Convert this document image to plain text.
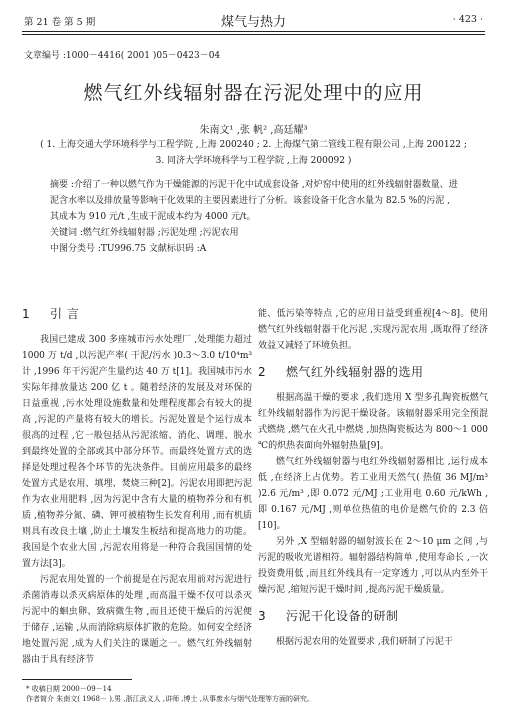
第 21 卷 第 5 期	煤气与热力	· 423 ·
文章编号 :1000－4416( 2001 )05－0423－04
燃气红外线辐射器在污泥处理中的应用
朱南文¹ ,张 帆² ,高廷耀³
( 1. 上海交通大学环境科学与工程学院 ,上海 200240 ; 2. 上海煤气第二管线工程有限公司 ,上海 200122 ;
3. 同济大学环境科学与工程学院 ,上海 200092 )

摘要 :介绍了一种以燃气作为干燥能源的污泥干化中试成套设备 ,对炉窑中使用的红外线辐射器数量、进泥含水率以及排放量等影响干化效果的主要因素进行了分析。该套设备干化含水量为 82.5 %的污泥 ,其成本为 910 元/t ,生成干泥成本约为 4000 元/t。

关键词 :燃气红外线辐射器 ;污泥处理 ;污泥农用

中图分类号 :TU996.75 文献标识码 :A

1 引 言

我国已建成 300 多座城市污水处理厂 ,处理能力超过 1000 万 t/d ,以污泥产率( 干泥/污水 )0.3～3.0 t/10⁴m³ 计 ,1996 年干污泥产生量约达 40 万 t[1]。我国城市污水实际年排放量达 200 亿 t 。随着经济的发展及对环保的日益重视 ,污水处理设施数量和处理程度都会有较大的提高 ,污泥的产量将有较大的增长。污泥处置是个运行成本很高的过程 ,它一般包括从污泥浓缩、消化、调理、脱水到最终处置的全部或其中部分环节。而最终处置方式的选择是处理过程各个环节的先决条件。目前应用最多的最终处置方式是农用、填埋、焚烧三种[2]。污泥农用即把污泥作为农业用肥料 ,因为污泥中含有大量的植物养分和有机质 ,植物养分氮、磷、钾可被植物生长发育利用 ,而有机质则具有改良土壤 ,防止土壤发生板结和提高地力的功能。我国是个农业大国 ,污泥农用将是一种符合我国国情的处置方法[3]。

污泥农用处置的一个前提是在污泥农用前对污泥进行杀菌消毒以杀灭病原体的处理 ,而高温干燥不仅可以杀灭污泥中的蛔虫卵、致病微生物 ,而且还使干燥后的污泥便于储存 ,运输 ,从而消除病原体扩散的危险。如何安全经济地处置污泥 ,成为人们关注的课题之一。燃气红外线辐射器由于具有经济节

能、低污染等特点 ,它的应用日益受到重视[4～8]。使用燃气红外线辐射器干化污泥 ,实现污泥农用 ,既取得了经济效益又减轻了环境负担。

2 燃气红外线辐射器的选用

根据高温干燥的要求 ,我们选用 X 型多孔陶瓷板燃气红外线辐射器作为污泥干燥设备。该辐射器采用完全预混式燃烧 ,燃气在火孔中燃烧 ,加热陶瓷板达为 800～1 000 ℃的炽热表面向外辐射热量[9]。

燃气红外线辐射器与电红外线辐射器相比 ,运行成本低 ,在经济上占优势。若工业用天然气( 热值 36 MJ/m³ )2.6 元/m³ ,即 0.072 元/MJ ;工业用电 0.60 元/kWh ,即 0.167 元/MJ ,则单位热值的电价是燃气价的 2.3 倍[10]。

另外 ,X 型辐射器的辐射波长在 2～10 μm 之间 ,与污泥的吸收光谱相符。辐射器结构简单 ,使用寿命长 ,一次投资费用低 ,而且红外线具有一定穿透力 ,可以从内至外干燥污泥 ,缩短污泥干燥时间 ,提高污泥干燥质量。

3 污泥干化设备的研制

根据污泥农用的处置要求 ,我们研制了污泥干

* 收稿日期 2000－09－14
作者简介 朱南文( 1968－ ),男 ,浙江武义人 ,讲师 ,博士 ,从事废水与烟气处理等方面的研究。
